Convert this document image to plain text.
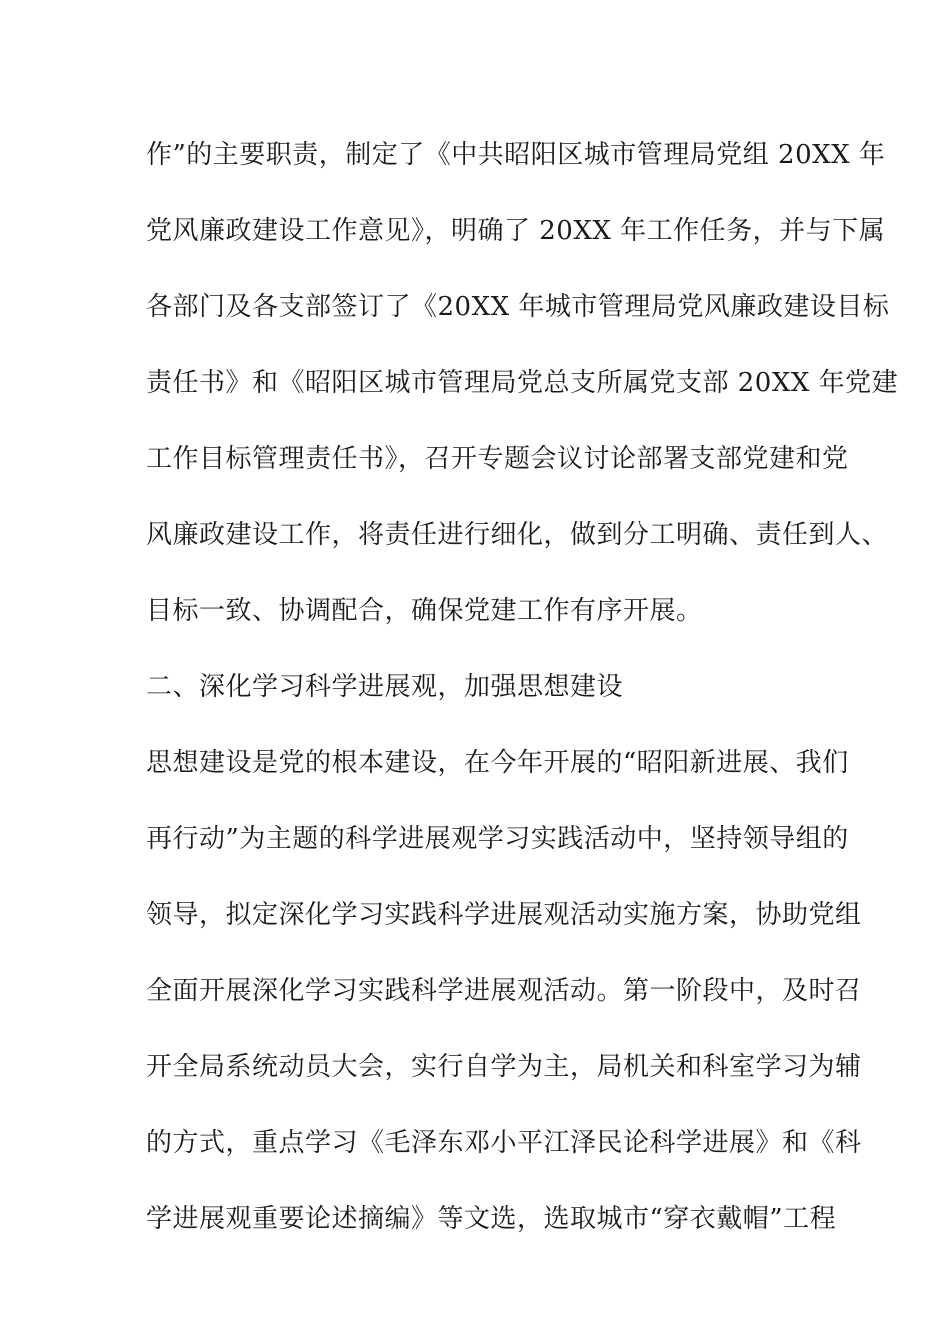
作”的主要职责，制定了《中共昭阳区城市管理局党组 20XX 年
党风廉政建设工作意见》，明确了 20XX 年工作任务，并与下属
各部门及各支部签订了《20XX 年城市管理局党风廉政建设目标
责任书》和《昭阳区城市管理局党总支所属党支部 20XX 年党建
工作目标管理责任书》，召开专题会议讨论部署支部党建和党
风廉政建设工作，将责任进行细化，做到分工明确、责任到人、
目标一致、协调配合，确保党建工作有序开展。
二、深化学习科学进展观，加强思想建设
思想建设是党的根本建设，在今年开展的“昭阳新进展、我们
再行动”为主题的科学进展观学习实践活动中，坚持领导组的
领导，拟定深化学习实践科学进展观活动实施方案，协助党组
全面开展深化学习实践科学进展观活动。第一阶段中，及时召
开全局系统动员大会，实行自学为主，局机关和科室学习为辅
的方式，重点学习《毛泽东邓小平江泽民论科学进展》和《科
学进展观重要论述摘编》等文选，选取城市“穿衣戴帽”工程
